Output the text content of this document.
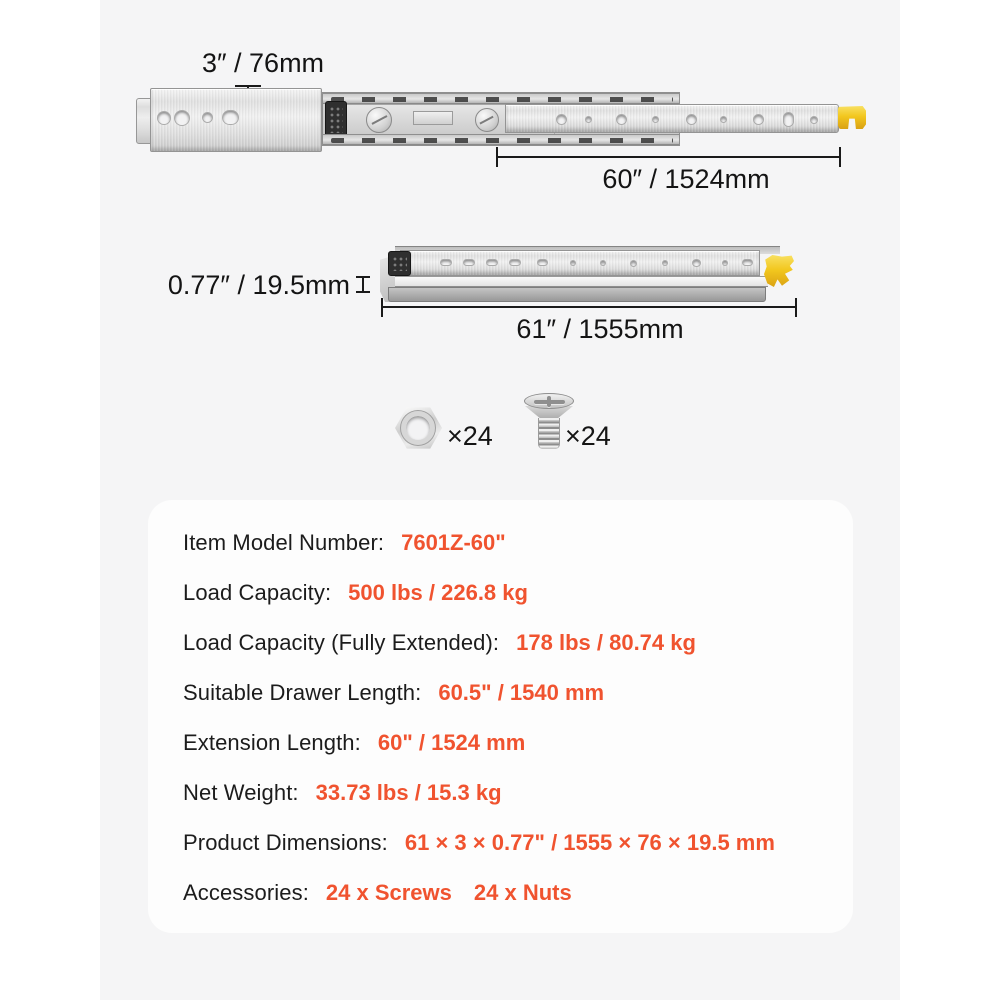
3″ / 76mm
60″ / 1524mm
0.77″ / 19.5mm
61″ / 1555mm
×24	×24
Item Model Number: 7601Z-60"
Load Capacity: 500 lbs / 226.8 kg
Load Capacity (Fully Extended): 178 lbs / 80.74 kg
Suitable Drawer Length: 60.5" / 1540 mm
Extension Length: 60" / 1524 mm
Net Weight: 33.73 lbs / 15.3 kg
Product Dimensions: 61 × 3 × 0.77" / 1555 × 76 × 19.5 mm
Accessories: 24 x Screws 24 x Nuts
